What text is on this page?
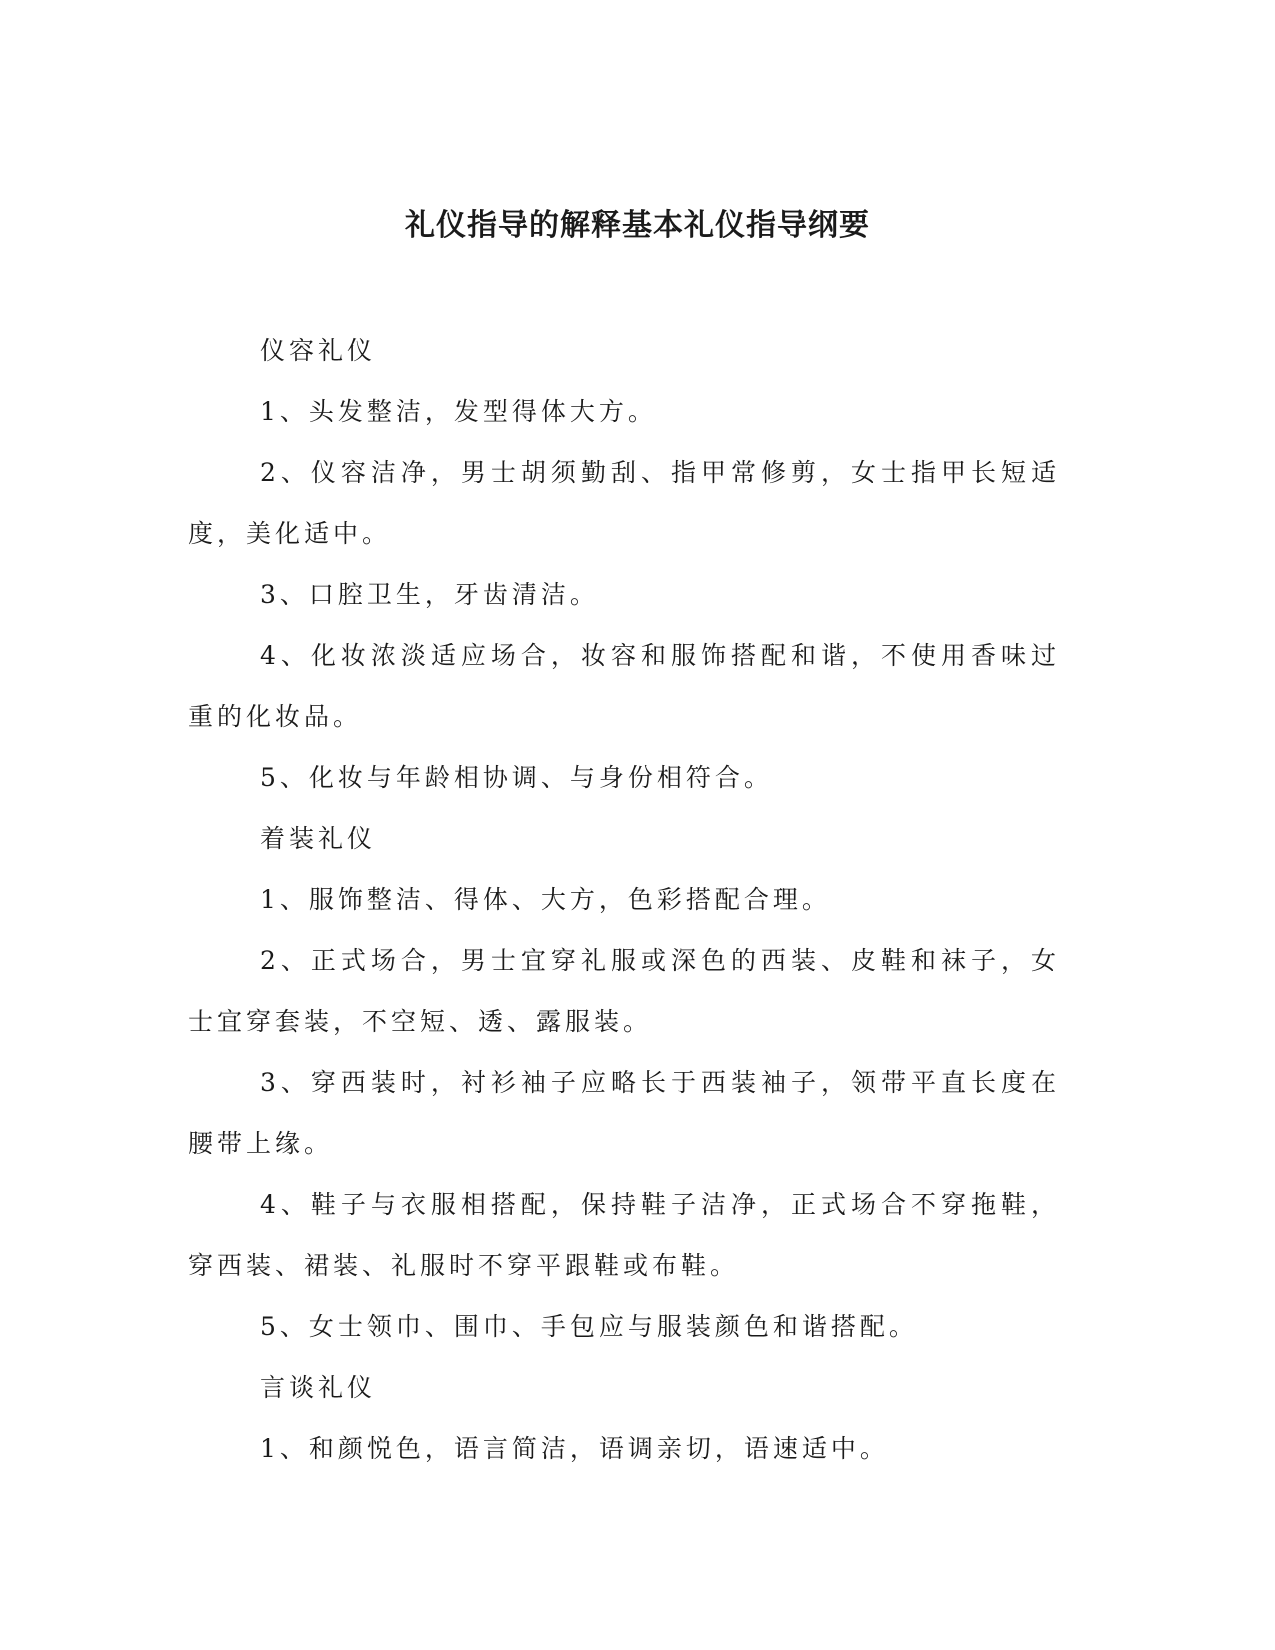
礼仪指导的解释基本礼仪指导纲要

仪容礼仪

1、头发整洁，发型得体大方。

2、仪容洁净，男士胡须勤刮、指甲常修剪，女士指甲长短适度，美化适中。

3、口腔卫生，牙齿清洁。

4、化妆浓淡适应场合，妆容和服饰搭配和谐，不使用香味过重的化妆品。

5、化妆与年龄相协调、与身份相符合。

着装礼仪

1、服饰整洁、得体、大方，色彩搭配合理。

2、正式场合，男士宜穿礼服或深色的西装、皮鞋和袜子，女士宜穿套装，不空短、透、露服装。

3、穿西装时，衬衫袖子应略长于西装袖子，领带平直长度在腰带上缘。

4、鞋子与衣服相搭配，保持鞋子洁净，正式场合不穿拖鞋，穿西装、裙装、礼服时不穿平跟鞋或布鞋。

5、女士领巾、围巾、手包应与服装颜色和谐搭配。

言谈礼仪

1、和颜悦色，语言简洁，语调亲切，语速适中。
